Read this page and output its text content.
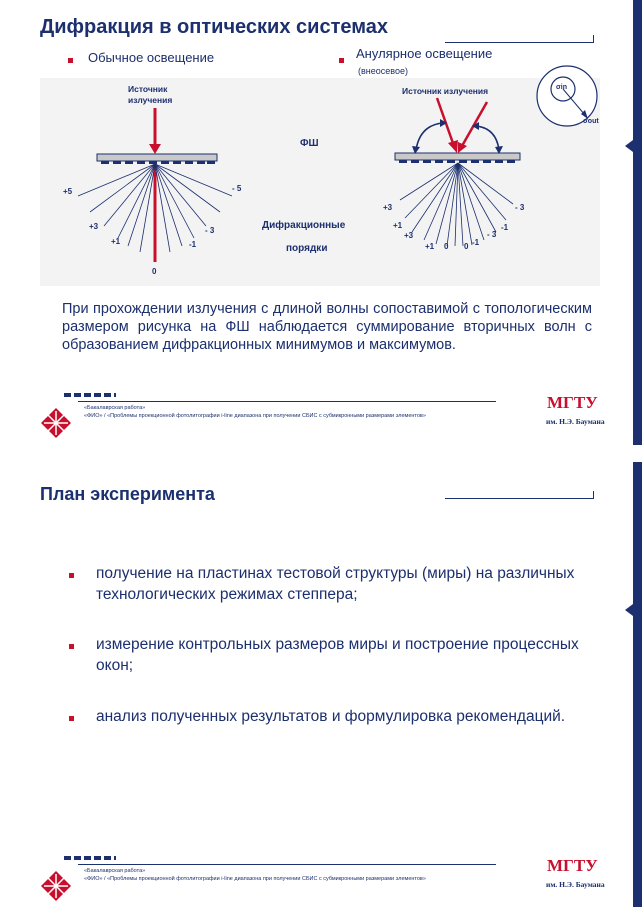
Дифракция в оптических системах
Обычное освещение	Анулярное освещение
(внеосевое)
Источник
излучения
Источник излучения
ФШ
Дифракционные
порядки
σin
σout
+5
+3
+1
0
-1
- 3
- 5
+3
+1
+3
+1 0 0 -1
- 3
-1
- 3
При прохождении излучения с длиной волны сопоставимой с топологическим размером рисунка на ФШ наблюдается суммирование вторичных волн с образованием дифракционных минимумов и максимумов.
«Бакалаврская работа»
«ФИО» / «Проблемы проекционной фотолитографии i-line диапазона при получении СБИС с субмикронными размерами элементов»
МГТУ
им. Н.Э. Баумана
План эксперимента
получение на пластинах тестовой структуры (миры) на различных технологических режимах степпера;
измерение контрольных размеров миры и построение процессных окон;
анализ полученных результатов и формулировка рекомендаций.
«Бакалаврская работа»
«ФИО» / «Проблемы проекционной фотолитографии i-line диапазона при получении СБИС с субмикронными размерами элементов»
МГТУ
им. Н.Э. Баумана
